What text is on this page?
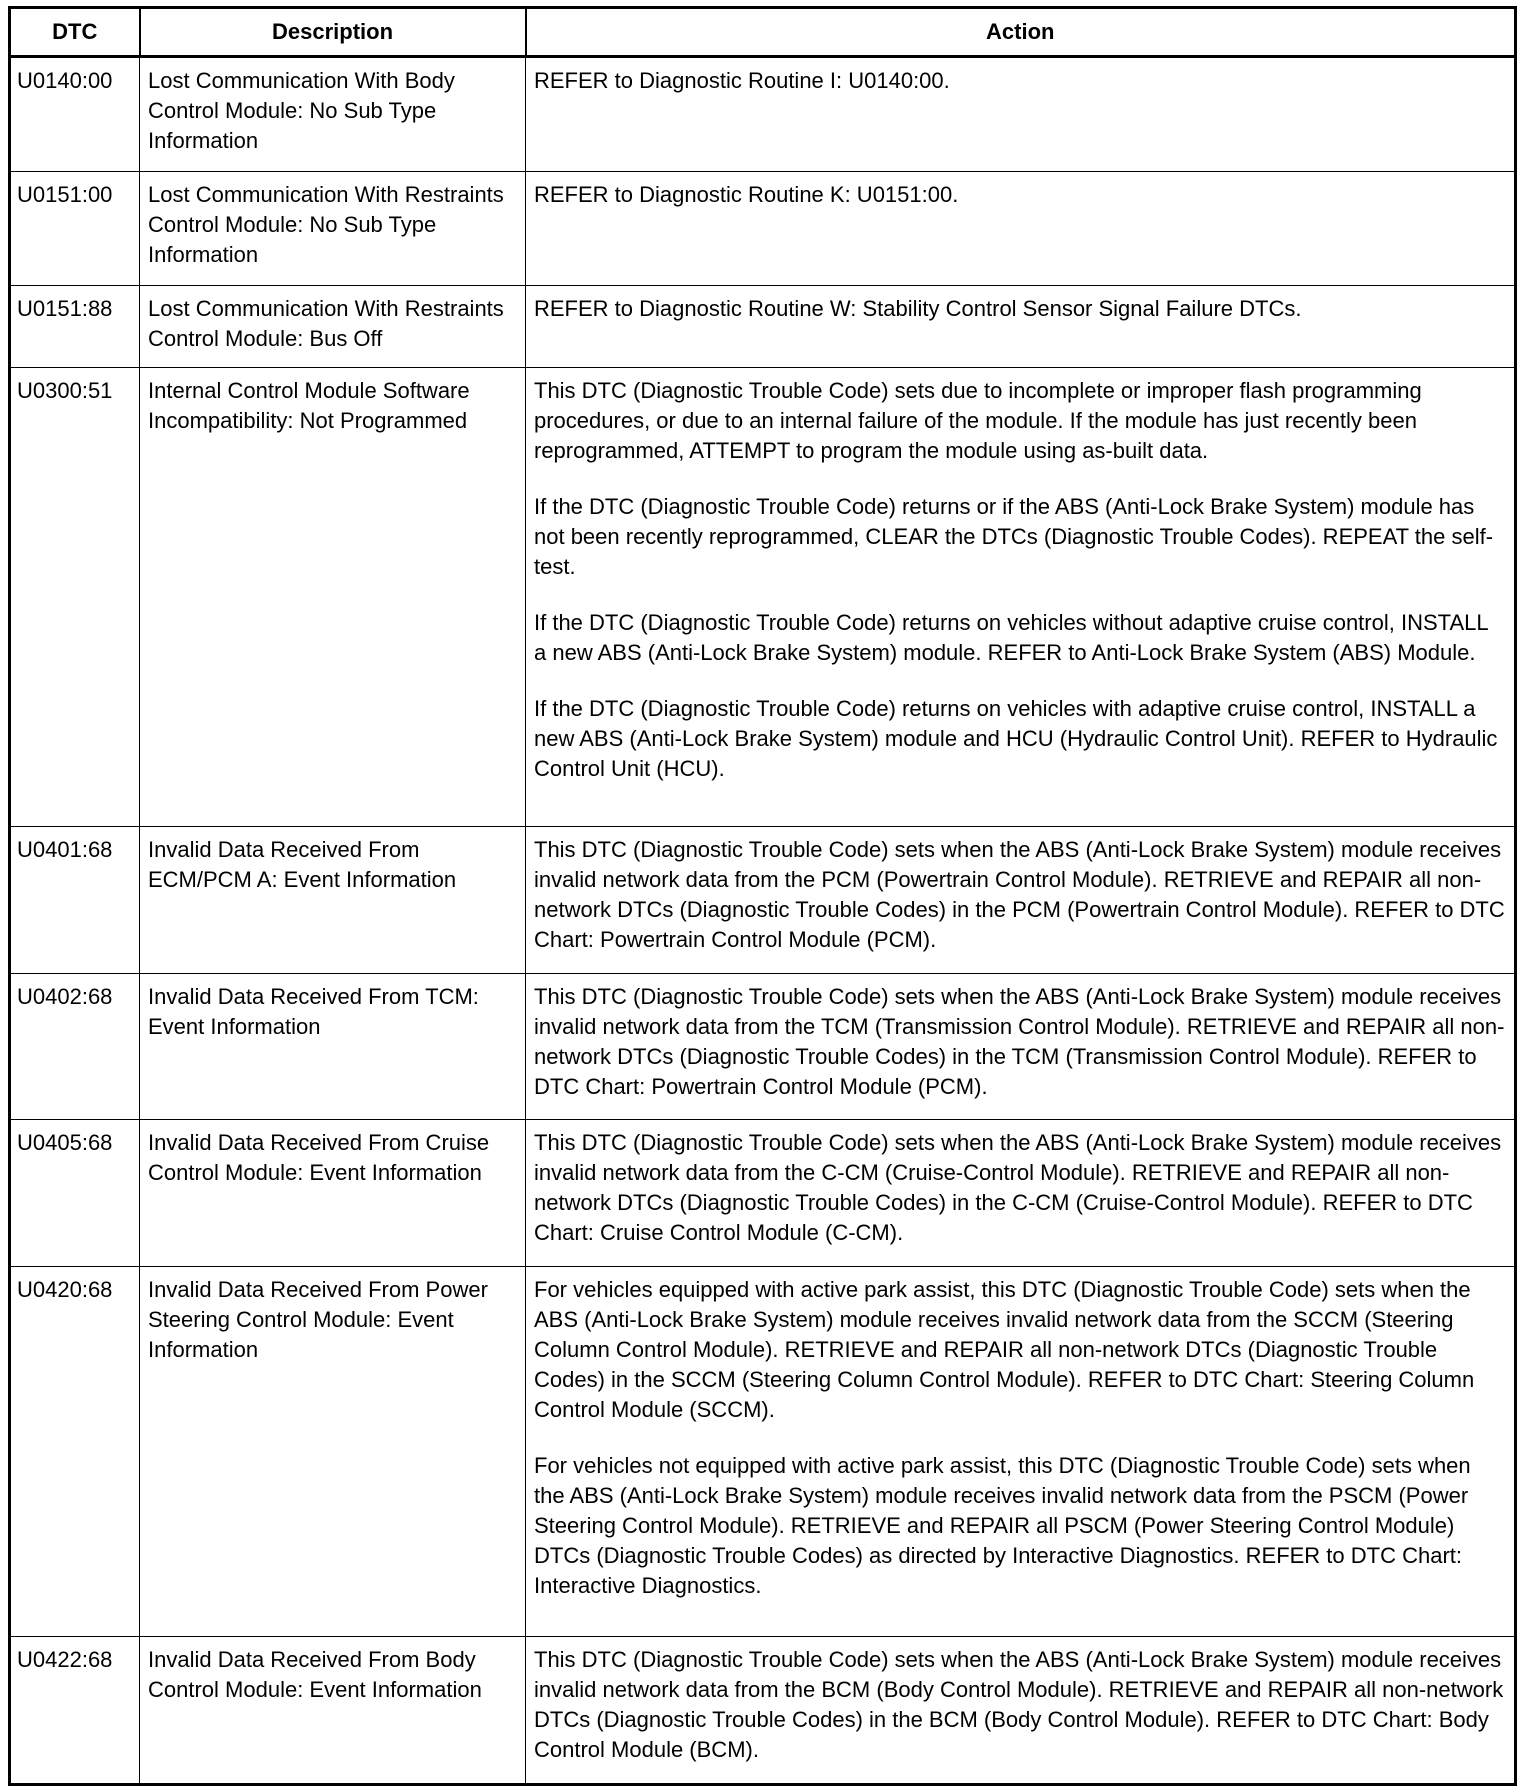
DTC	Description	Action
U0140:00	Lost Communication With Body Control Module: No Sub Type Information	REFER to Diagnostic Routine I: U0140:00.

U0151:00	Lost Communication With Restraints Control Module: No Sub Type Information	REFER to Diagnostic Routine K: U0151:00.

U0151:88	Lost Communication With Restraints Control Module: Bus Off	REFER to Diagnostic Routine W: Stability Control Sensor Signal Failure DTCs.

U0300:51	Internal Control Module Software Incompatibility: Not Programmed	This DTC (Diagnostic Trouble Code) sets due to incomplete or improper flash programming procedures, or due to an internal failure of the module. If the module has just recently been reprogrammed, ATTEMPT to program the module using as-built data.

If the DTC (Diagnostic Trouble Code) returns or if the ABS (Anti-Lock Brake System) module has not been recently reprogrammed, CLEAR the DTCs (Diagnostic Trouble Codes). REPEAT the self-test.

If the DTC (Diagnostic Trouble Code) returns on vehicles without adaptive cruise control, INSTALL a new ABS (Anti-Lock Brake System) module. REFER to Anti-Lock Brake System (ABS) Module.

If the DTC (Diagnostic Trouble Code) returns on vehicles with adaptive cruise control, INSTALL a new ABS (Anti-Lock Brake System) module and HCU (Hydraulic Control Unit). REFER to Hydraulic Control Unit (HCU).

U0401:68	Invalid Data Received From ECM/PCM A: Event Information	This DTC (Diagnostic Trouble Code) sets when the ABS (Anti-Lock Brake System) module receives invalid network data from the PCM (Powertrain Control Module). RETRIEVE and REPAIR all non-network DTCs (Diagnostic Trouble Codes) in the PCM (Powertrain Control Module). REFER to DTC Chart: Powertrain Control Module (PCM).

U0402:68	Invalid Data Received From TCM: Event Information	This DTC (Diagnostic Trouble Code) sets when the ABS (Anti-Lock Brake System) module receives invalid network data from the TCM (Transmission Control Module). RETRIEVE and REPAIR all non-network DTCs (Diagnostic Trouble Codes) in the TCM (Transmission Control Module). REFER to DTC Chart: Powertrain Control Module (PCM).

U0405:68	Invalid Data Received From Cruise Control Module: Event Information	This DTC (Diagnostic Trouble Code) sets when the ABS (Anti-Lock Brake System) module receives invalid network data from the C-CM (Cruise-Control Module). RETRIEVE and REPAIR all non-network DTCs (Diagnostic Trouble Codes) in the C-CM (Cruise-Control Module). REFER to DTC Chart: Cruise Control Module (C-CM).

U0420:68	Invalid Data Received From Power Steering Control Module: Event Information	For vehicles equipped with active park assist, this DTC (Diagnostic Trouble Code) sets when the ABS (Anti-Lock Brake System) module receives invalid network data from the SCCM (Steering Column Control Module). RETRIEVE and REPAIR all non-network DTCs (Diagnostic Trouble Codes) in the SCCM (Steering Column Control Module). REFER to DTC Chart: Steering Column Control Module (SCCM).

For vehicles not equipped with active park assist, this DTC (Diagnostic Trouble Code) sets when the ABS (Anti-Lock Brake System) module receives invalid network data from the PSCM (Power Steering Control Module). RETRIEVE and REPAIR all PSCM (Power Steering Control Module) DTCs (Diagnostic Trouble Codes) as directed by Interactive Diagnostics. REFER to DTC Chart: Interactive Diagnostics.

U0422:68	Invalid Data Received From Body Control Module: Event Information	This DTC (Diagnostic Trouble Code) sets when the ABS (Anti-Lock Brake System) module receives invalid network data from the BCM (Body Control Module). RETRIEVE and REPAIR all non-network DTCs (Diagnostic Trouble Codes) in the BCM (Body Control Module). REFER to DTC Chart: Body Control Module (BCM).
